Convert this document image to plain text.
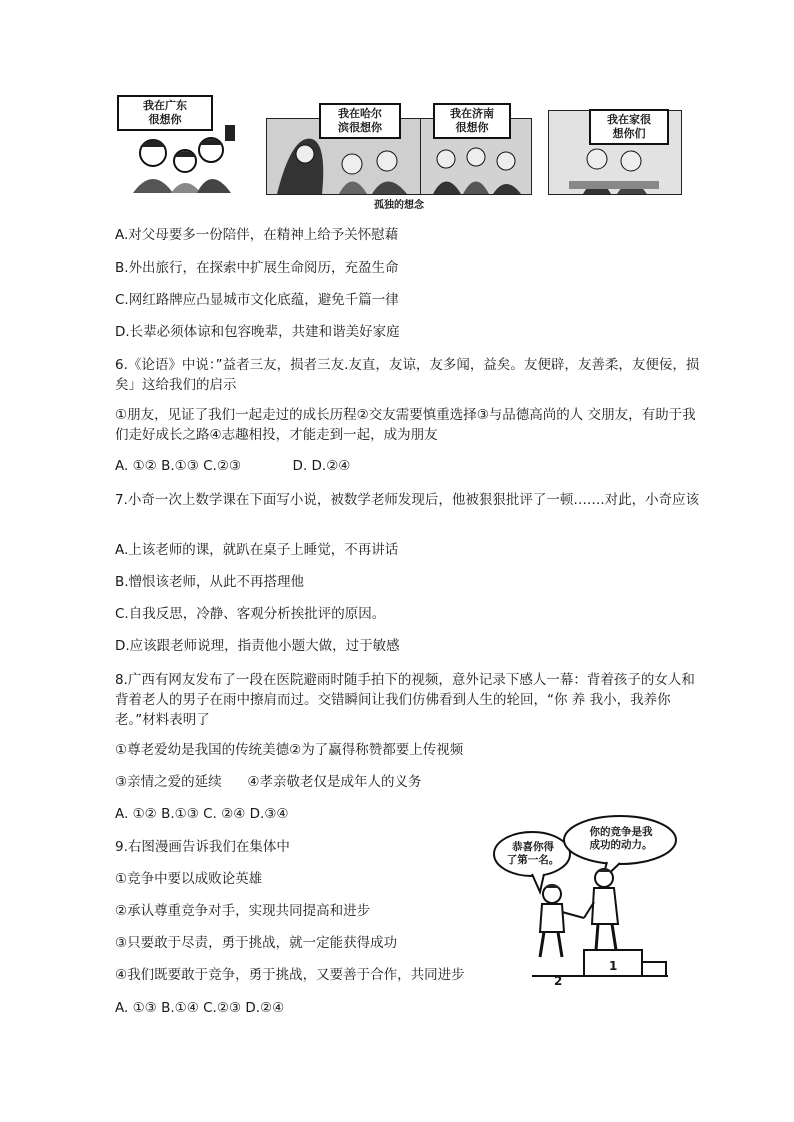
我在广东
很想你	我在哈尔
滨很想你
我在济南
很想你
我在家很
想你们
孤独的想念
A.对父母要多一份陪伴，在精神上给予关怀慰藉
B.外出旅行，在探索中扩展生命阅历，充盈生命
C.网红路牌应凸显城市文化底蕴，避免千篇一律
D.长辈必须体谅和包容晚辈，共建和谐美好家庭
6.《论语》中说：”益者三友，损者三友.友直，友谅，友多闻，益矣。友便辟，友善柔，友便佞，损矣」这给我们的启示
①朋友，见证了我们一起走过的成长历程②交友需要慎重选择③与品德高尚的人 交朋友，有助于我们走好成长之路④志趣相投，才能走到一起，成为朋友
A. ①② B.①③ C.②③            D. D.②④
7.小奇一次上数学课在下面写小说，被数学老师发现后，他被狠狠批评了一顿…….对此，小奇应该
A.上该老师的课，就趴在桌子上睡觉，不再讲话
B.憎恨该老师，从此不再搭理他
C.自我反思，冷静、客观分析挨批评的原因。
D.应该跟老师说理，指责他小题大做，过于敏感
8.广西有网友发布了一段在医院避雨时随手拍下的视频，意外记录下感人一幕：背着孩子的女人和背着老人的男子在雨中擦肩而过。交错瞬间让我们仿佛看到人生的轮回，“你 养 我小，我养你老。”材料表明了
①尊老爱幼是我国的传统美德②为了赢得称赞都要上传视频
③亲情之爱的延续      ④孝亲敬老仅是成年人的义务
A. ①② B.①③ C. ②④ D.③④
9.右图漫画告诉我们在集体中
①竞争中要以成败论英雄
②承认尊重竞争对手，实现共同提高和进步
③只要敢于尽责，勇于挑战，就一定能获得成功
④我们既要敢于竞争，勇于挑战，又要善于合作，共同进步
A. ①③ B.①④ C.②③ D.②④
恭喜你得
了第一名。
你的竞争是我
成功的动力。
1
2
